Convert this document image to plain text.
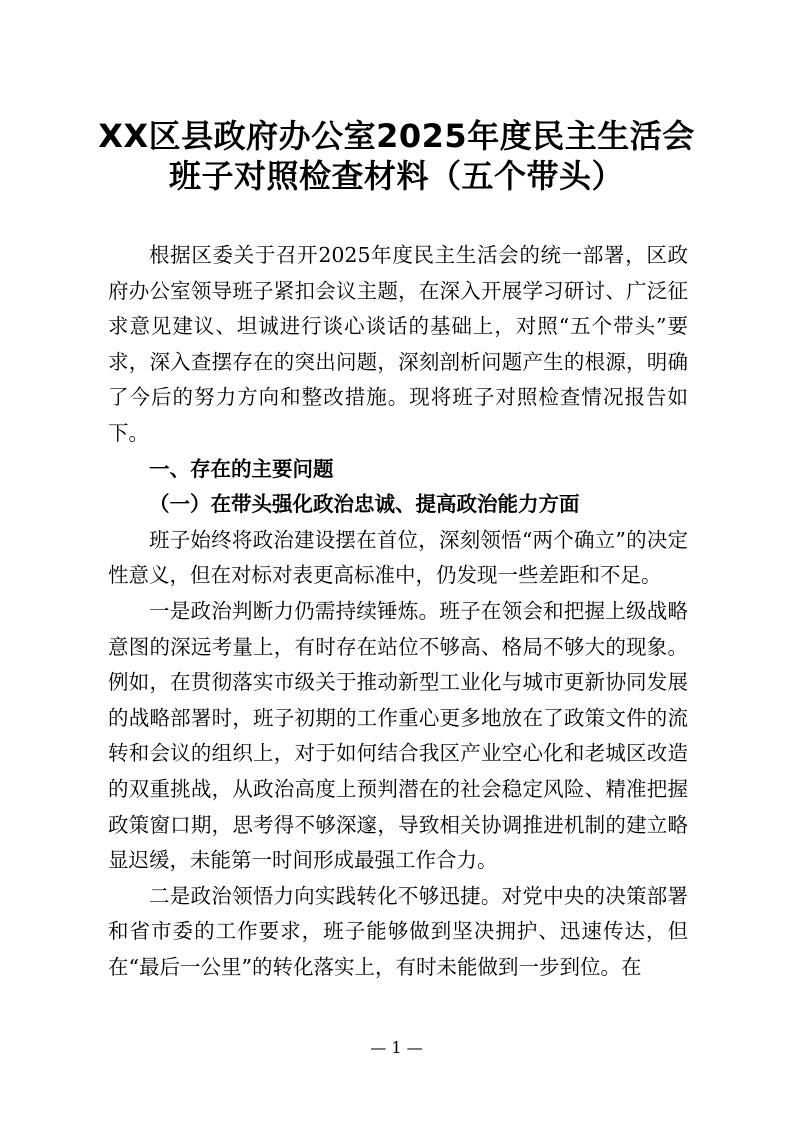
XX区县政府办公室2025年度民主生活会
班子对照检查材料（五个带头）

根据区委关于召开2025年度民主生活会的统一部署，区政府办公室领导班子紧扣会议主题，在深入开展学习研讨、广泛征求意见建议、坦诚进行谈心谈话的基础上，对照“五个带头”要求，深入查摆存在的突出问题，深刻剖析问题产生的根源，明确了今后的努力方向和整改措施。现将班子对照检查情况报告如下。

一、存在的主要问题

（一）在带头强化政治忠诚、提高政治能力方面

班子始终将政治建设摆在首位，深刻领悟“两个确立”的决定性意义，但在对标对表更高标准中，仍发现一些差距和不足。

一是政治判断力仍需持续锤炼。班子在领会和把握上级战略意图的深远考量上，有时存在站位不够高、格局不够大的现象。例如，在贯彻落实市级关于推动新型工业化与城市更新协同发展的战略部署时，班子初期的工作重心更多地放在了政策文件的流转和会议的组织上，对于如何结合我区产业空心化和老城区改造的双重挑战，从政治高度上预判潜在的社会稳定风险、精准把握政策窗口期，思考得不够深邃，导致相关协调推进机制的建立略显迟缓，未能第一时间形成最强工作合力。

二是政治领悟力向实践转化不够迅捷。对党中央的决策部署和省市委的工作要求，班子能够做到坚决拥护、迅速传达，但在“最后一公里”的转化落实上，有时未能做到一步到位。在

— 1 —
